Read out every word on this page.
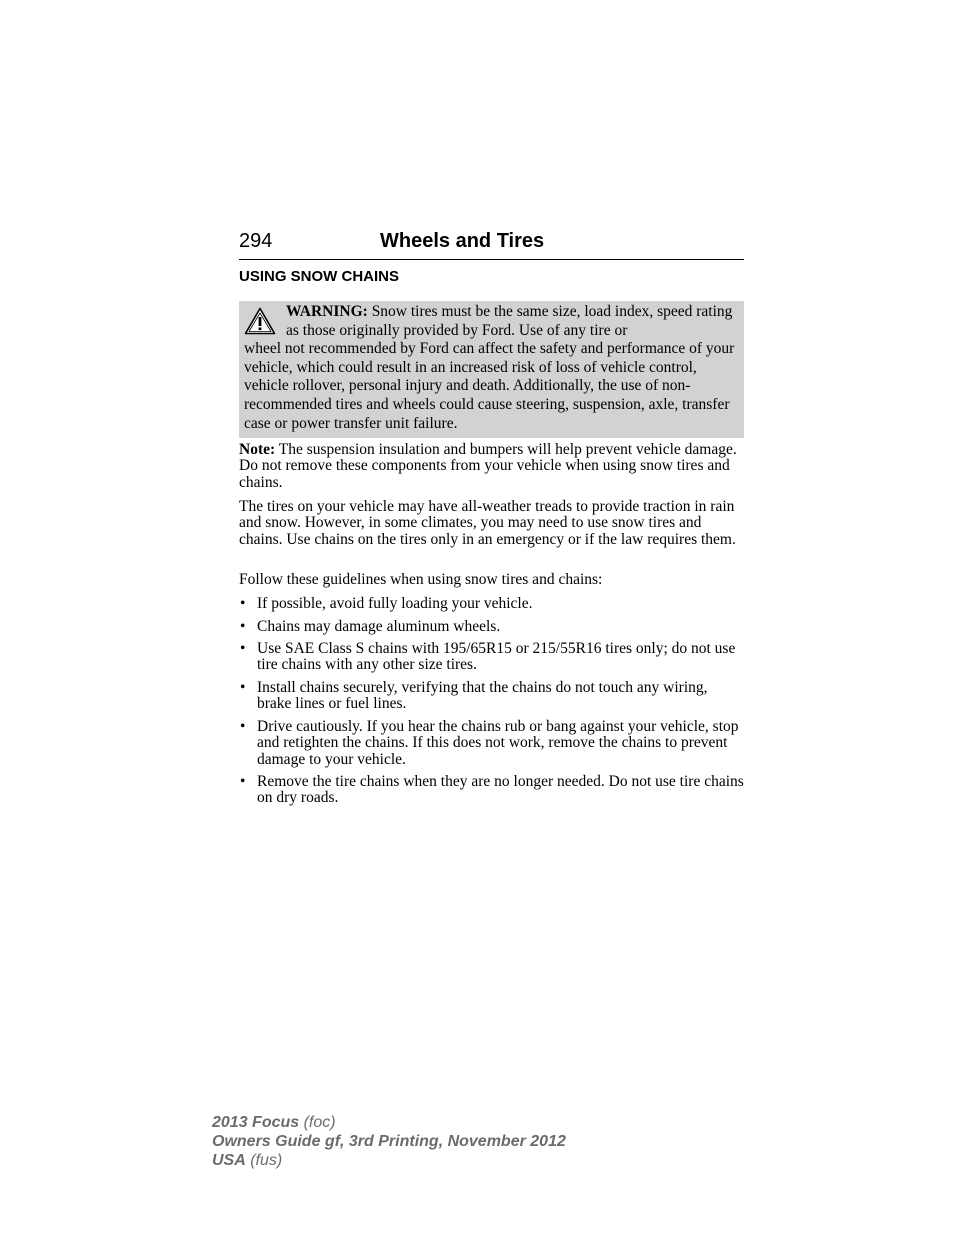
294	Wheels and Tires
USING SNOW CHAINS

WARNING: Snow tires must be the same size, load index, speed rating as those originally provided by Ford. Use of any tire or
wheel not recommended by Ford can affect the safety and performance of your vehicle, which could result in an increased risk of loss of vehicle control, vehicle rollover, personal injury and death. Additionally, the use of non-recommended tires and wheels could cause steering, suspension, axle, transfer case or power transfer unit failure.

Note: The suspension insulation and bumpers will help prevent vehicle damage. Do not remove these components from your vehicle when using snow tires and chains.

The tires on your vehicle may have all-weather treads to provide traction in rain and snow. However, in some climates, you may need to use snow tires and chains. Use chains on the tires only in an emergency or if the law requires them.

Follow these guidelines when using snow tires and chains:

• If possible, avoid fully loading your vehicle.
• Chains may damage aluminum wheels.
• Use SAE Class S chains with 195/65R15 or 215/55R16 tires only; do not use tire chains with any other size tires.
• Install chains securely, verifying that the chains do not touch any wiring, brake lines or fuel lines.
• Drive cautiously. If you hear the chains rub or bang against your vehicle, stop and retighten the chains. If this does not work, remove the chains to prevent damage to your vehicle.
• Remove the tire chains when they are no longer needed. Do not use tire chains on dry roads.
2013 Focus (foc)
Owners Guide gf, 3rd Printing, November 2012
USA (fus)
